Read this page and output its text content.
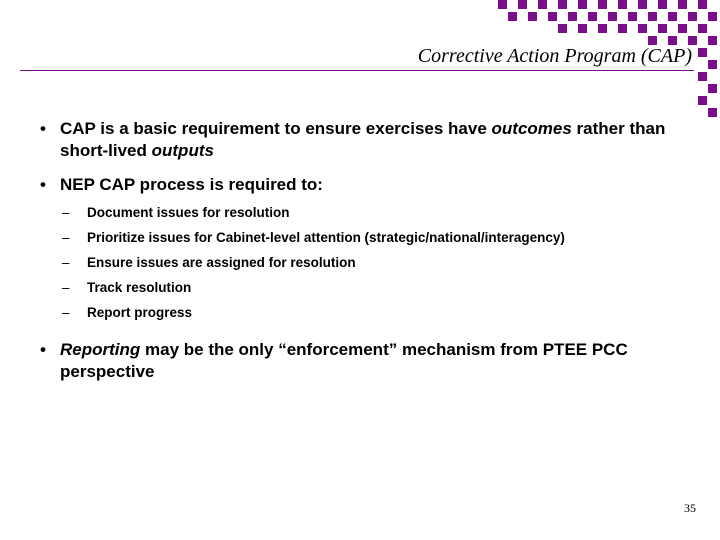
Corrective Action Program (CAP)
• CAP is a basic requirement to ensure exercises have outcomes rather than short-lived outputs
• NEP CAP process is required to:
– Document issues for resolution
– Prioritize issues for Cabinet-level attention (strategic/national/interagency)
– Ensure issues are assigned for resolution
– Track resolution
– Report progress
• Reporting may be the only “enforcement” mechanism from PTEE PCC perspective
35
